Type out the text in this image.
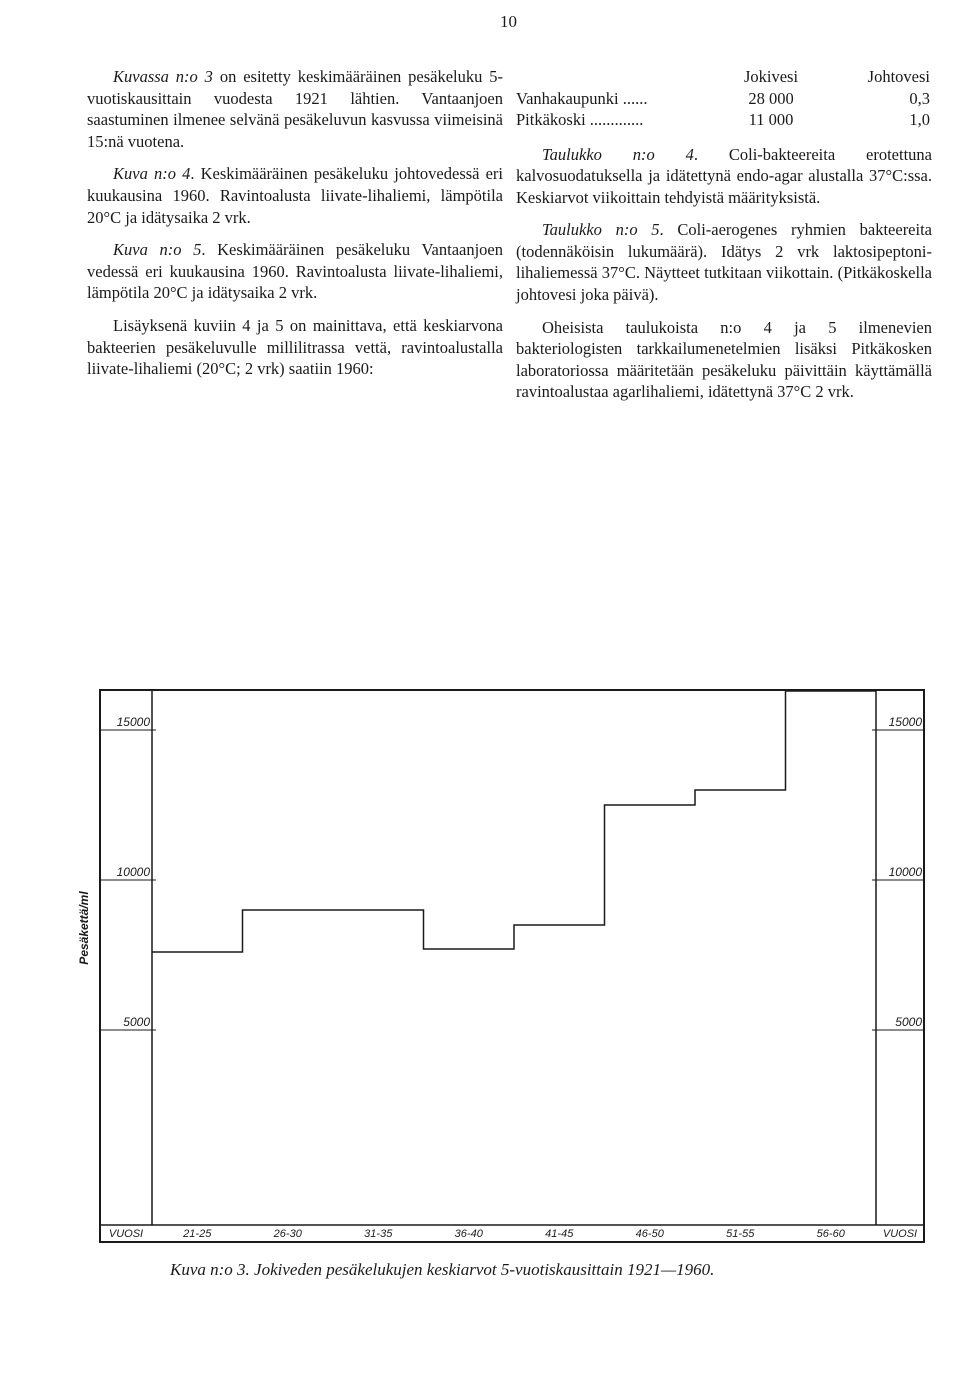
10

Kuvassa n:o 3 on esitetty keskimääräinen pesäkeluku 5-vuotiskausittain vuodesta 1921 lähtien. Vantaanjoen saastuminen ilmenee selvänä pesäkeluvun kasvussa viimeisinä 15:nä vuotena.

Kuva n:o 4. Keskimääräinen pesäkeluku johtovedessä eri kuukausina 1960. Ravintoalusta liivate-lihaliemi, lämpötila 20°C ja idätysaika 2 vrk.

Kuva n:o 5. Keskimääräinen pesäkeluku Vantaanjoen vedessä eri kuukausina 1960. Ravintoalusta liivate-lihaliemi, lämpötila 20°C ja idätysaika 2 vrk.

Lisäyksenä kuviin 4 ja 5 on mainittava, että keskiarvona bakteerien pesäkeluvulle millilitrassa vettä, ravintoalustalla liivate-lihaliemi (20°C; 2 vrk) saatiin 1960:

	Jokivesi	Johtovesi
Vanhakaupunki ......	28 000	0,3
Pitkäkoski .............	11 000	1,0

Taulukko n:o 4. Coli-bakteereita erotettuna kalvosuodatuksella ja idätettynä endo-agar alustalla 37°C:ssa. Keskiarvot viikoittain tehdyistä määrityksistä.

Taulukko n:o 5. Coli-aerogenes ryhmien bakteereita (todennäköisin lukumäärä). Idätys 2 vrk laktosipeptoni-lihaliemessä 37°C. Näytteet tutkitaan viikottain. (Pitkäkoskella johtovesi joka päivä).

Oheisista taulukoista n:o 4 ja 5 ilmenevien bakteriologisten tarkkailumenetelmien lisäksi Pitkäkosken laboratoriossa määritetään pesäkeluku päivittäin käyttämällä ravintoalustaa agarlihaliemi, idätettynä 37°C 2 vrk.

5000	5000
10000	10000
15000	15000
Pesäkettä/ml
VUOSI	VUOSI
21-25	26-30	31-35	36-40	41-45	46-50	51-55	56-60
Kuva n:o 3. Jokiveden pesäkelukujen keskiarvot 5-vuotiskausittain 1921—1960.
